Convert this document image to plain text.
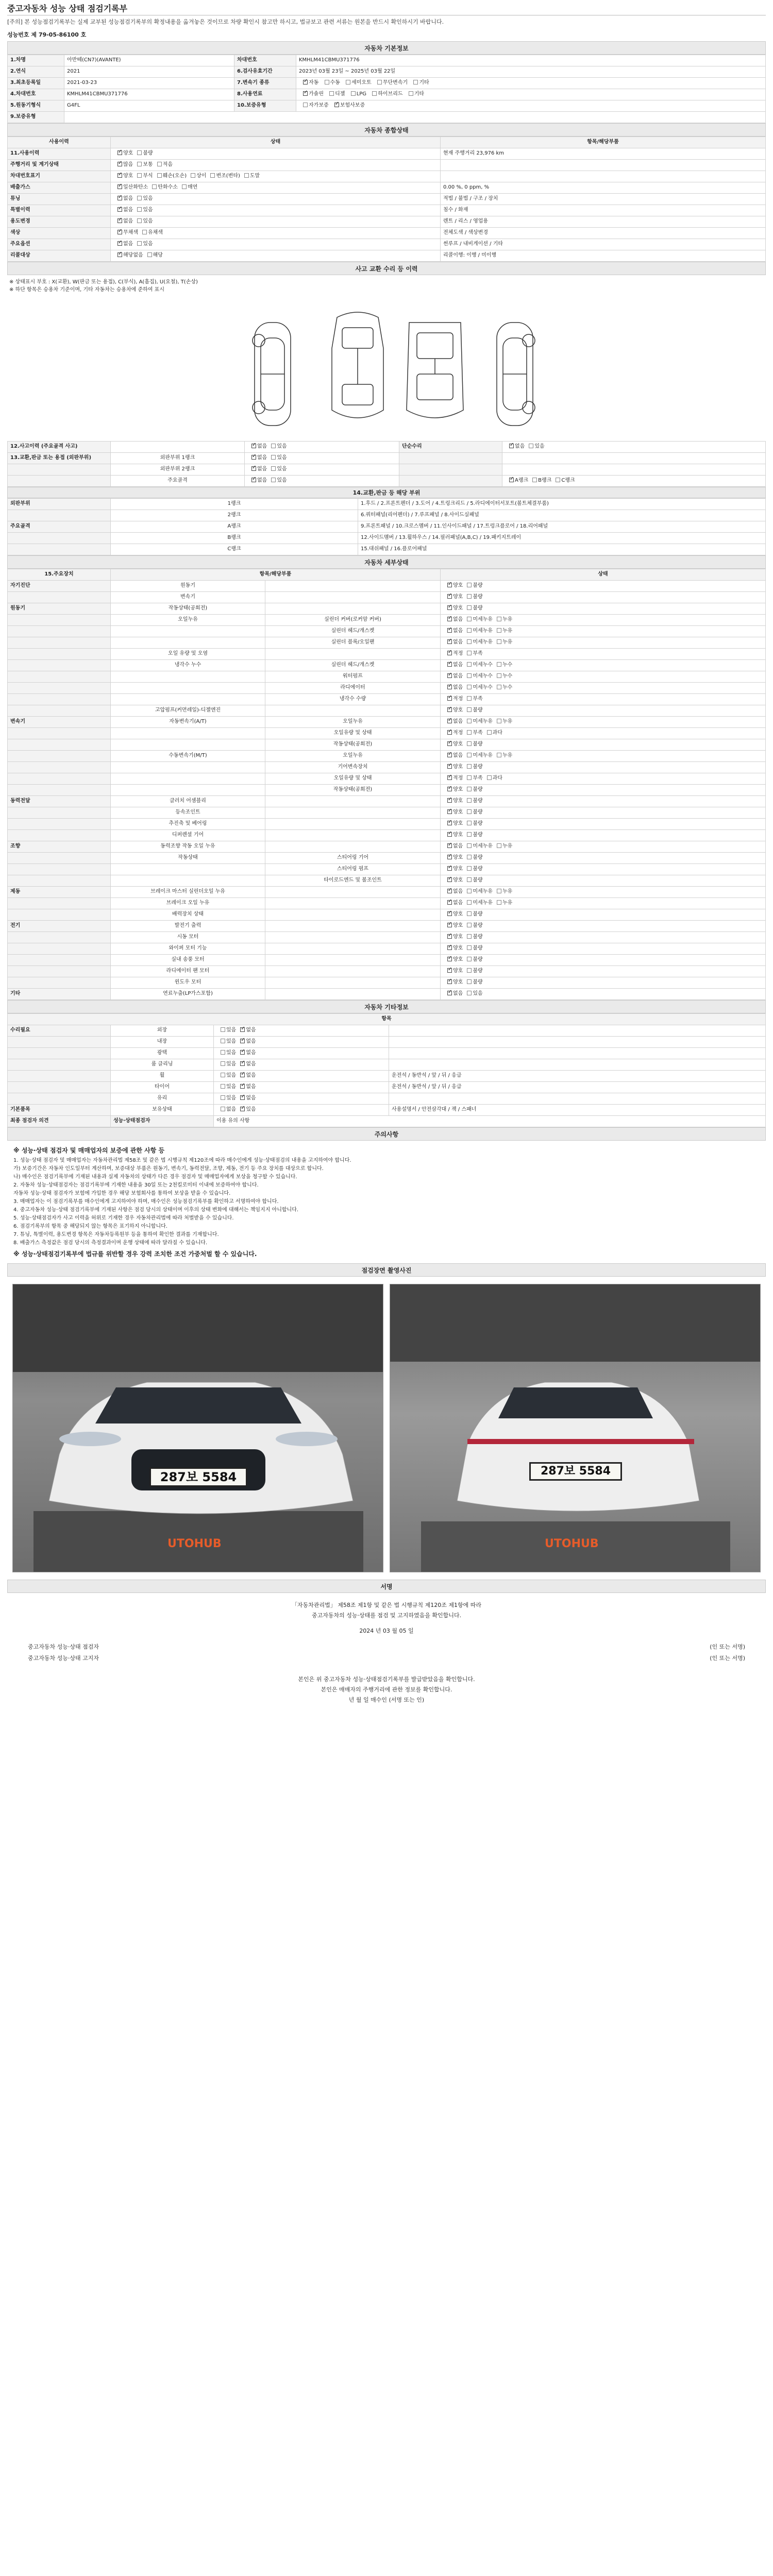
중고자동차 성능 상태 점검기록부
[주의] 본 성능점검기록부는 실제 교부된 성능점검기록부의 확정내용을 옮겨놓은 것이므로 차량 확인시 참고만 하시고, 법규보고 관련 서류는 원본을 반드시 확인하시기 바랍니다.
성능번호 제 79-05-86100 호
자동차 기본정보
1.차명	아반떼(CN7)(AVANTE)	차대번호	KMHLM41CBMU371776
2.연식	2021	6.검사유효기간	2023년 03월 23일 ~ 2025년 03월 22일
3.최초등록일	2021-03-23	7.변속기 종류	✓자동 수동 세미오토 무단변속기 기타
4.차대번호	KMHLM41CBMU371776	8.사용연료	✓가솔린 디젤 LPG 하이브리드 기타
5.원동기형식	G4FL	10.보증유형	자가보증 ✓ 보험사보증
9.보증유형			
자동차 종합상태
사용이력	상태	항목/해당부품
11.사용이력	✓양호 불량	현재 주행거리 23,976 km
주행거리 및 계기상태	✓많음 보통 적음	
차대번호표기	✓양호 부식 훼손(오손) 상이 변조(변타) 도말	
배출가스	✓일산화탄소 탄화수소 매연	0.00 %, 0 ppm, %
튜닝	✓없음 있음	적법 / 불법 / 구조 / 장치
특별이력	✓없음 있음	침수 / 화재
용도변경	✓없음 있음	렌트 / 리스 / 영업용
색상	✓무채색 유채색	전체도색 / 색상변경
주요옵션	✓없음 있음	썬루프 / 내비게이션 / 기타
리콜대상	✓해당없음 해당	리콜이행: 이행 / 미이행
사고 교환 수리 등 이력
※ 상태표시 부호 : X(교환), W(판금 또는 용접), C(부식), A(흠집), U(요철), T(손상)
※ 하단 항목은 승용차 기준이며, 기타 자동차는 승용차에 준하여 표시
12.사고이력 (주요골격 사고)		✓없음 있음	단순수리	✓없음 있음
13.교환,판금 또는 용접 (외판부위)	외판부위 1랭크	✓없음 있음		
	외판부위 2랭크	✓없음 있음		
	주요골격	✓없음 있음		✓A랭크 B랭크 C랭크
14.교환,판금 등 해당 부위
외판부위	1랭크	1.후드 / 2.프론트펜더 / 3.도어 / 4.트렁크리드 / 5.라디에이터서포트(볼트체결부품)
	2랭크	6.쿼터패널(리어펜더) / 7.루프패널 / 8.사이드실패널
주요골격	A랭크	9.프론트패널 / 10.크로스멤버 / 11.인사이드패널 / 17.트렁크플로어 / 18.리어패널
	B랭크	12.사이드멤버 / 13.휠하우스 / 14.필러패널(A,B,C) / 19.패키지트레이
	C랭크	15.대쉬패널 / 16.플로어패널
자동차 세부상태
15.주요장치	항목/해당부품		상태
자기진단	원동기		✓양호 불량
	변속기		✓양호 불량
원동기	작동상태(공회전)		✓양호 불량
	오일누유	실린더 커버(로커암 커버)	✓없음 미세누유 누유
		실린더 헤드/개스켓	✓없음 미세누유 누유
		실린더 블록/오일팬	✓없음 미세누유 누유
	오일 유량 및 오염		✓적정 부족
	냉각수 누수	실린더 헤드/개스켓	✓없음 미세누수 누수
		워터펌프	✓없음 미세누수 누수
		라디에이터	✓없음 미세누수 누수
		냉각수 수량	✓적정 부족
	고압펌프(커먼레일)-디젤엔진		✓양호 불량
변속기	자동변속기(A/T)	오일누유	✓없음 미세누유 누유
		오일유량 및 상태	✓적정 부족 과다
		작동상태(공회전)	✓양호 불량
	수동변속기(M/T)	오일누유	✓없음 미세누유 누유
		기어변속장치	✓양호 불량
		오일유량 및 상태	✓적정 부족 과다
		작동상태(공회전)	✓양호 불량
동력전달	클러치 어셈블리		✓양호 불량
	등속조인트		✓양호 불량
	추진축 및 베어링		✓양호 불량
	디퍼렌셜 기어		✓양호 불량
조향	동력조향 작동 오일 누유		✓없음 미세누유 누유
	작동상태	스티어링 기어	✓양호 불량
		스티어링 펌프	✓양호 불량
		타이로드엔드 및 볼조인트	✓양호 불량
제동	브레이크 마스터 실린더오일 누유		✓없음 미세누유 누유
	브레이크 오일 누유		✓없음 미세누유 누유
	배력장치 상태		✓양호 불량
전기	발전기 출력		✓양호 불량
	시동 모터		✓양호 불량
	와이퍼 모터 기능		✓양호 불량
	실내 송풍 모터		✓양호 불량
	라디에이터 팬 모터		✓양호 불량
	윈도우 모터		✓양호 불량
기타	연료누출(LP가스포함)		✓없음 있음
자동차 기타정보
항목			
수리필요	외장	있음 ✓ 없음	
	내장	있음 ✓ 없음	
	광택	있음 ✓ 없음	
	룸 클리닝	있음 ✓ 없음	
	휠	있음 ✓ 없음	운전석 / 동반석 / 앞 / 뒤 / 응급
	타이어	있음 ✓ 없음	운전석 / 동반석 / 앞 / 뒤 / 응급
	유리	있음 ✓ 없음	
기본품목	보유상태	없음 ✓ 있음	사용설명서 / 안전삼각대 / 잭 / 스패너
최종 점검자 의견	성능·상태점검자	이용 유의 사항	
주의사항
※ 성능·상태 점검자 및 매매업자의 보증에 관한 사항 등

1. 성능·상태 점검자 및 매매업자는 자동차관리법 제58조 및 같은 법 시행규칙 제120조에 따라 매수인에게 성능·상태점검의 내용을 고지하여야 합니다.

가) 보증기간은 자동차 인도일부터 계산하며, 보증대상 부품은 원동기, 변속기, 동력전달, 조향, 제동, 전기 등 주요 장치를 대상으로 합니다.

나) 매수인은 점검기록부에 기재된 내용과 실제 자동차의 상태가 다른 경우 점검자 및 매매업자에게 보상을 청구할 수 있습니다.

2. 자동차 성능·상태점검자는 점검기록부에 기재한 내용을 30일 또는 2천킬로미터 이내에 보증하여야 합니다.

자동차 성능·상태 점검자가 보험에 가입한 경우 해당 보험회사를 통하여 보상을 받을 수 있습니다.

3. 매매업자는 이 점검기록부를 매수인에게 고지하여야 하며, 매수인은 성능점검기록부를 확인하고 서명하여야 합니다.

4. 중고자동차 성능·상태 점검기록부에 기재된 사항은 점검 당시의 상태이며 이후의 상태 변화에 대해서는 책임지지 아니합니다.

5. 성능·상태점검자가 사고 이력을 허위로 기재한 경우 자동차관리법에 따라 처벌받을 수 있습니다.

6. 점검기록부의 항목 중 해당되지 않는 항목은 표기하지 아니합니다.

7. 튜닝, 특별이력, 용도변경 항목은 자동차등록원부 등을 통하여 확인한 결과를 기재합니다.

8. 배출가스 측정값은 점검 당시의 측정결과이며 운행 상태에 따라 달라질 수 있습니다.

※ 성능·상태점검기록부에 법규를 위반할 경우 강력 조치한 조건 가중처벌 할 수 있습니다.
점검장면 촬영사진
287보 5584
UTOHUB
287보 5584
UTOHUB
서명

「자동차관리법」 제58조 제1항 및 같은 법 시행규칙 제120조 제1항에 따라

중고자동차의 성능·상태를 점검 및 고지하였음을 확인합니다.

2024 년 03 월 05 일

중고자동차 성능·상태 점검자	(인 또는 서명)
중고자동차 성능·상태 고지자	(인 또는 서명)

본인은 위 중고자동차 성능·상태점검기록부를 발급받았음을 확인합니다.

본인은 매매자의 주행거리에 관한 정보를 확인합니다.

년 월 일 매수인 (서명 또는 인)
